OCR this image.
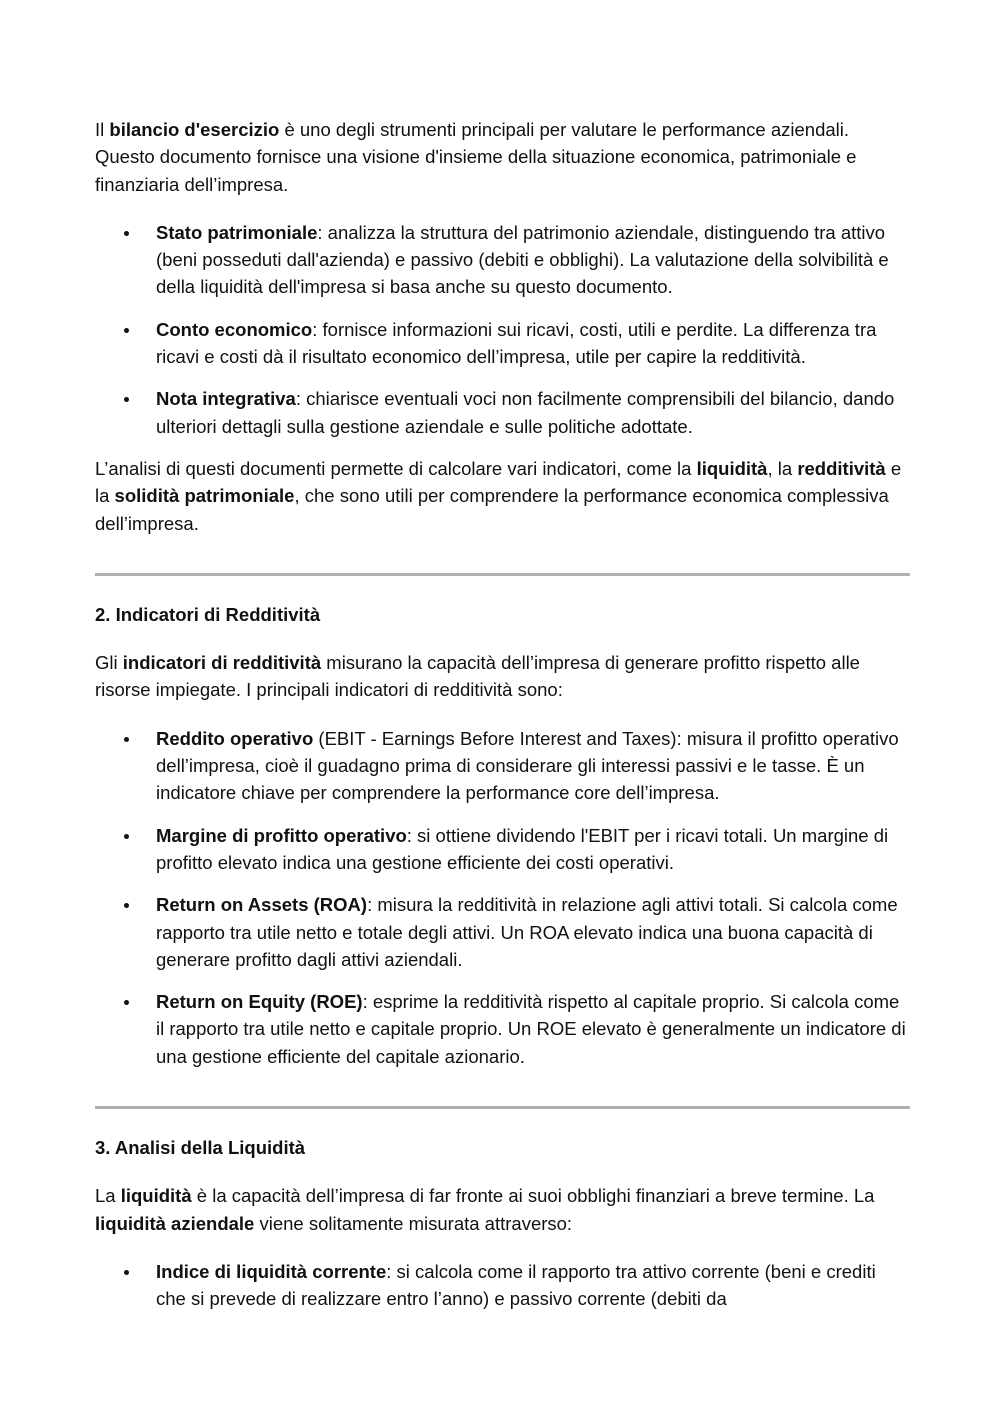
Il bilancio d'esercizio è uno degli strumenti principali per valutare le performance aziendali. Questo documento fornisce una visione d'insieme della situazione economica, patrimoniale e finanziaria dell’impresa.

Stato patrimoniale: analizza la struttura del patrimonio aziendale, distinguendo tra attivo (beni posseduti dall'azienda) e passivo (debiti e obblighi). La valutazione della solvibilità e della liquidità dell'impresa si basa anche su questo documento.
Conto economico: fornisce informazioni sui ricavi, costi, utili e perdite. La differenza tra ricavi e costi dà il risultato economico dell’impresa, utile per capire la redditività.
Nota integrativa: chiarisce eventuali voci non facilmente comprensibili del bilancio, dando ulteriori dettagli sulla gestione aziendale e sulle politiche adottate.

L’analisi di questi documenti permette di calcolare vari indicatori, come la liquidità, la redditività e la solidità patrimoniale, che sono utili per comprendere la performance economica complessiva dell’impresa.

2. Indicatori di Redditività

Gli indicatori di redditività misurano la capacità dell’impresa di generare profitto rispetto alle risorse impiegate. I principali indicatori di redditività sono:

Reddito operativo (EBIT - Earnings Before Interest and Taxes): misura il profitto operativo dell’impresa, cioè il guadagno prima di considerare gli interessi passivi e le tasse. È un indicatore chiave per comprendere la performance core dell’impresa.
Margine di profitto operativo: si ottiene dividendo l'EBIT per i ricavi totali. Un margine di profitto elevato indica una gestione efficiente dei costi operativi.
Return on Assets (ROA): misura la redditività in relazione agli attivi totali. Si calcola come rapporto tra utile netto e totale degli attivi. Un ROA elevato indica una buona capacità di generare profitto dagli attivi aziendali.
Return on Equity (ROE): esprime la redditività rispetto al capitale proprio. Si calcola come il rapporto tra utile netto e capitale proprio. Un ROE elevato è generalmente un indicatore di una gestione efficiente del capitale azionario.
3. Analisi della Liquidità

La liquidità è la capacità dell’impresa di far fronte ai suoi obblighi finanziari a breve termine. La liquidità aziendale viene solitamente misurata attraverso:

Indice di liquidità corrente: si calcola come il rapporto tra attivo corrente (beni e crediti che si prevede di realizzare entro l’anno) e passivo corrente (debiti da
